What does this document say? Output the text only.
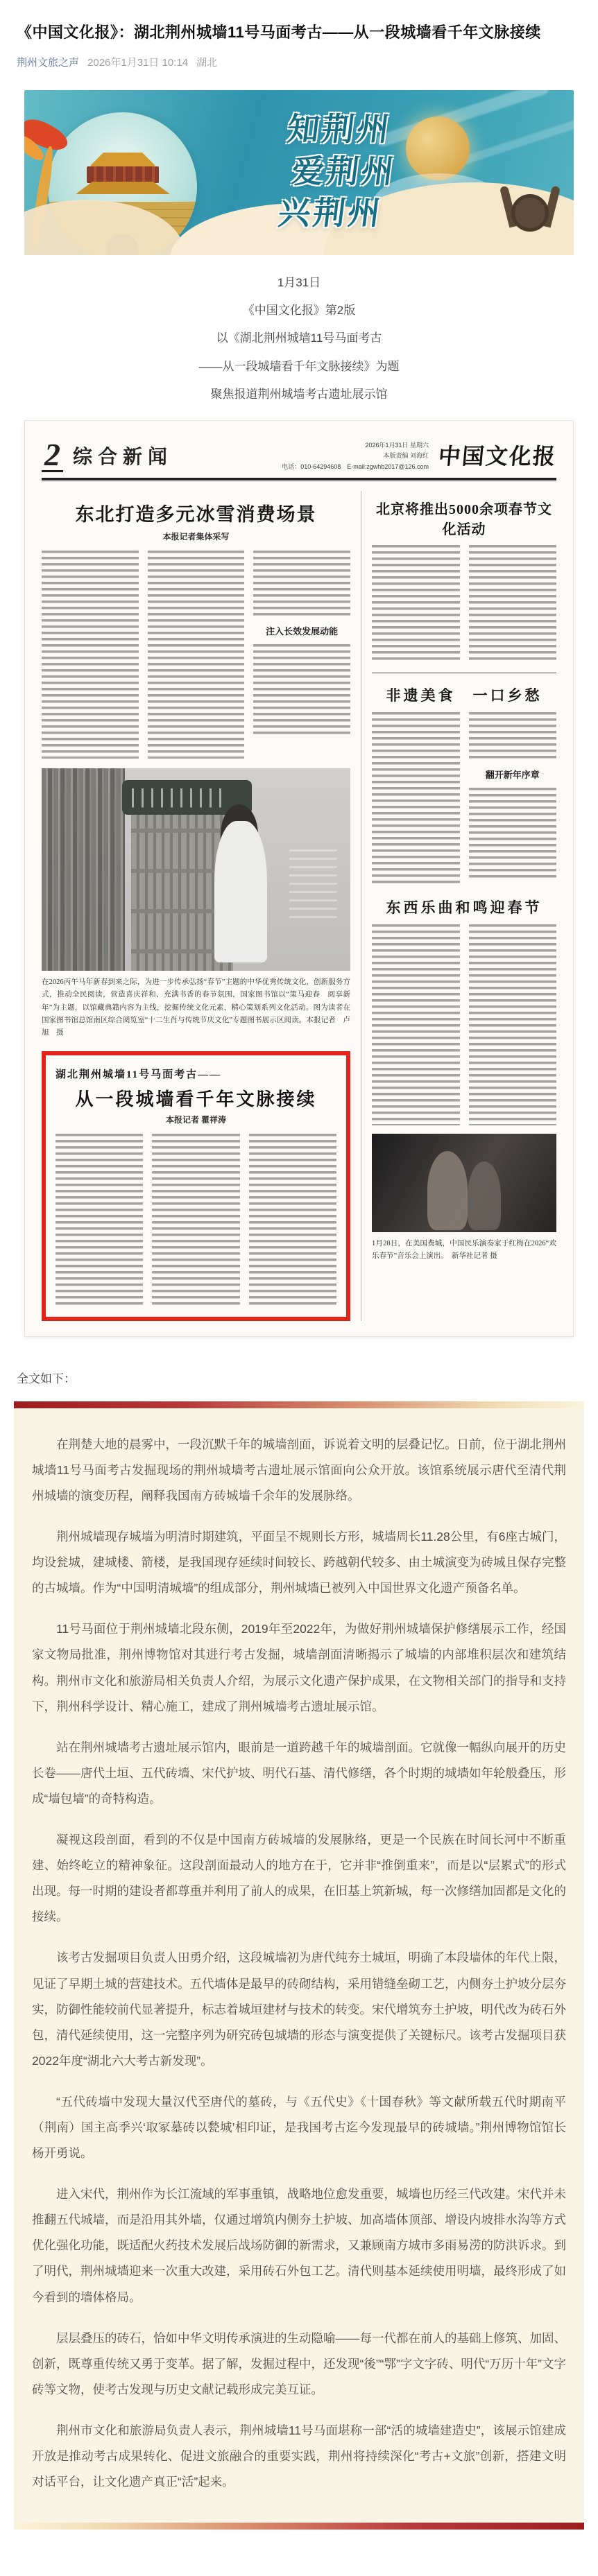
《中国文化报》：湖北荆州城墙11号马面考古——从一段城墙看千年文脉接续
荆州文旅之声 2026年1月31日 10:14 湖北
知荆州
爱荆州
兴荆州
1月31日
《中国文化报》第2版
以《湖北荆州城墙11号马面考古
——从一段城墙看千年文脉接续》为题
聚焦报道荆州城墙考古遗址展示馆
2 综合新闻
2026年1月31日 星期六
本版责编 刘海红
电话：010-64294608　E-mail:zgwhb2017@126.com 中国文化报
东北打造多元冰雪消费场景
本报记者集体采写
注入长效发展动能
在2026丙午马年新春到来之际，为进一步传承弘扬“春节”主题的中华优秀传统文化，创新服务方式，推动全民阅读，营造喜庆祥和、充满书香的春节氛围，国家图书馆以“策马迎春　阅享新年”为主题，以馆藏典籍内容为主线，挖掘传统文化元素，精心策划系列文化活动。图为读者在国家图书馆总馆南区综合阅览室“十二生肖与传统节庆文化”专题图书展示区阅读。本报记者　卢旭　摄
湖北荆州城墙11号马面考古——
从一段城墙看千年文脉接续
本报记者 瞿祥涛
北京将推出5000余项春节文化活动
非遗美食　一口乡愁
翻开新年序章
东西乐曲和鸣迎春节
1月28日，在美国费城，中国民乐演奏家于红梅在2026“欢乐春节”音乐会上演出。　新华社记者 摄
全文如下：

在荆楚大地的晨雾中，一段沉默千年的城墙剖面，诉说着文明的层叠记忆。日前，位于湖北荆州城墙11号马面考古发掘现场的荆州城墙考古遗址展示馆面向公众开放。该馆系统展示唐代至清代荆州城墙的演变历程，阐释我国南方砖城墙千余年的发展脉络。

荆州城墙现存城墙为明清时期建筑，平面呈不规则长方形，城墙周长11.28公里，有6座古城门，均设瓮城，建城楼、箭楼，是我国现存延续时间较长、跨越朝代较多、由土城演变为砖城且保存完整的古城墙。作为“中国明清城墙”的组成部分，荆州城墙已被列入中国世界文化遗产预备名单。

11号马面位于荆州城墙北段东侧，2019年至2022年，为做好荆州城墙保护修缮展示工作，经国家文物局批准，荆州博物馆对其进行考古发掘，城墙剖面清晰揭示了城墙的内部堆积层次和建筑结构。荆州市文化和旅游局相关负责人介绍，为展示文化遗产保护成果，在文物相关部门的指导和支持下，荆州科学设计、精心施工，建成了荆州城墙考古遗址展示馆。

站在荆州城墙考古遗址展示馆内，眼前是一道跨越千年的城墙剖面。它就像一幅纵向展开的历史长卷——唐代土垣、五代砖墙、宋代护坡、明代石基、清代修缮，各个时期的城墙如年轮般叠压，形成“墙包墙”的奇特构造。

凝视这段剖面，看到的不仅是中国南方砖城墙的发展脉络，更是一个民族在时间长河中不断重建、始终屹立的精神象征。这段剖面最动人的地方在于，它并非“推倒重来”，而是以“层累式”的形式出现。每一时期的建设者都尊重并利用了前人的成果，在旧基上筑新城，每一次修缮加固都是文化的接续。

该考古发掘项目负责人田勇介绍，这段城墙初为唐代纯夯土城垣，明确了本段墙体的年代上限，见证了早期土城的营建技术。五代墙体是最早的砖砌结构，采用错缝垒砌工艺，内侧夯土护坡分层夯实，防御性能较前代显著提升，标志着城垣建材与技术的转变。宋代增筑夯土护坡，明代改为砖石外包，清代延续使用，这一完整序列为研究砖包城墙的形态与演变提供了关键标尺。该考古发掘项目获2022年度“湖北六大考古新发现”。

“五代砖墙中发现大量汉代至唐代的墓砖，与《五代史》《十国春秋》等文献所载五代时期南平（荆南）国主高季兴‘取冢墓砖以甃城’相印证，是我国考古迄今发现最早的砖城墙。”荆州博物馆馆长杨开勇说。

进入宋代，荆州作为长江流域的军事重镇，战略地位愈发重要，城墙也历经三代改建。宋代并未推翻五代城墙，而是沿用其外墙，仅通过增筑内侧夯土护坡、加高墙体顶部、增设内坡排水沟等方式优化强化功能，既适配火药技术发展后战场防御的新需求，又兼顾南方城市多雨易涝的防洪诉求。到了明代，荆州城墙迎来一次重大改建，采用砖石外包工艺。清代则基本延续使用明墙，最终形成了如今看到的墙体格局。

层层叠压的砖石，恰如中华文明传承演进的生动隐喻——每一代都在前人的基础上修筑、加固、创新，既尊重传统又勇于变革。据了解，发掘过程中，还发现“後”“鄂”字文字砖、明代“万历十年”文字砖等文物，使考古发现与历史文献记载形成完美互证。

荆州市文化和旅游局负责人表示，荆州城墙11号马面堪称一部“活的城墙建造史”，该展示馆建成开放是推动考古成果转化、促进文旅融合的重要实践，荆州将持续深化“考古+文旅”创新，搭建文明对话平台，让文化遗产真正“活”起来。
